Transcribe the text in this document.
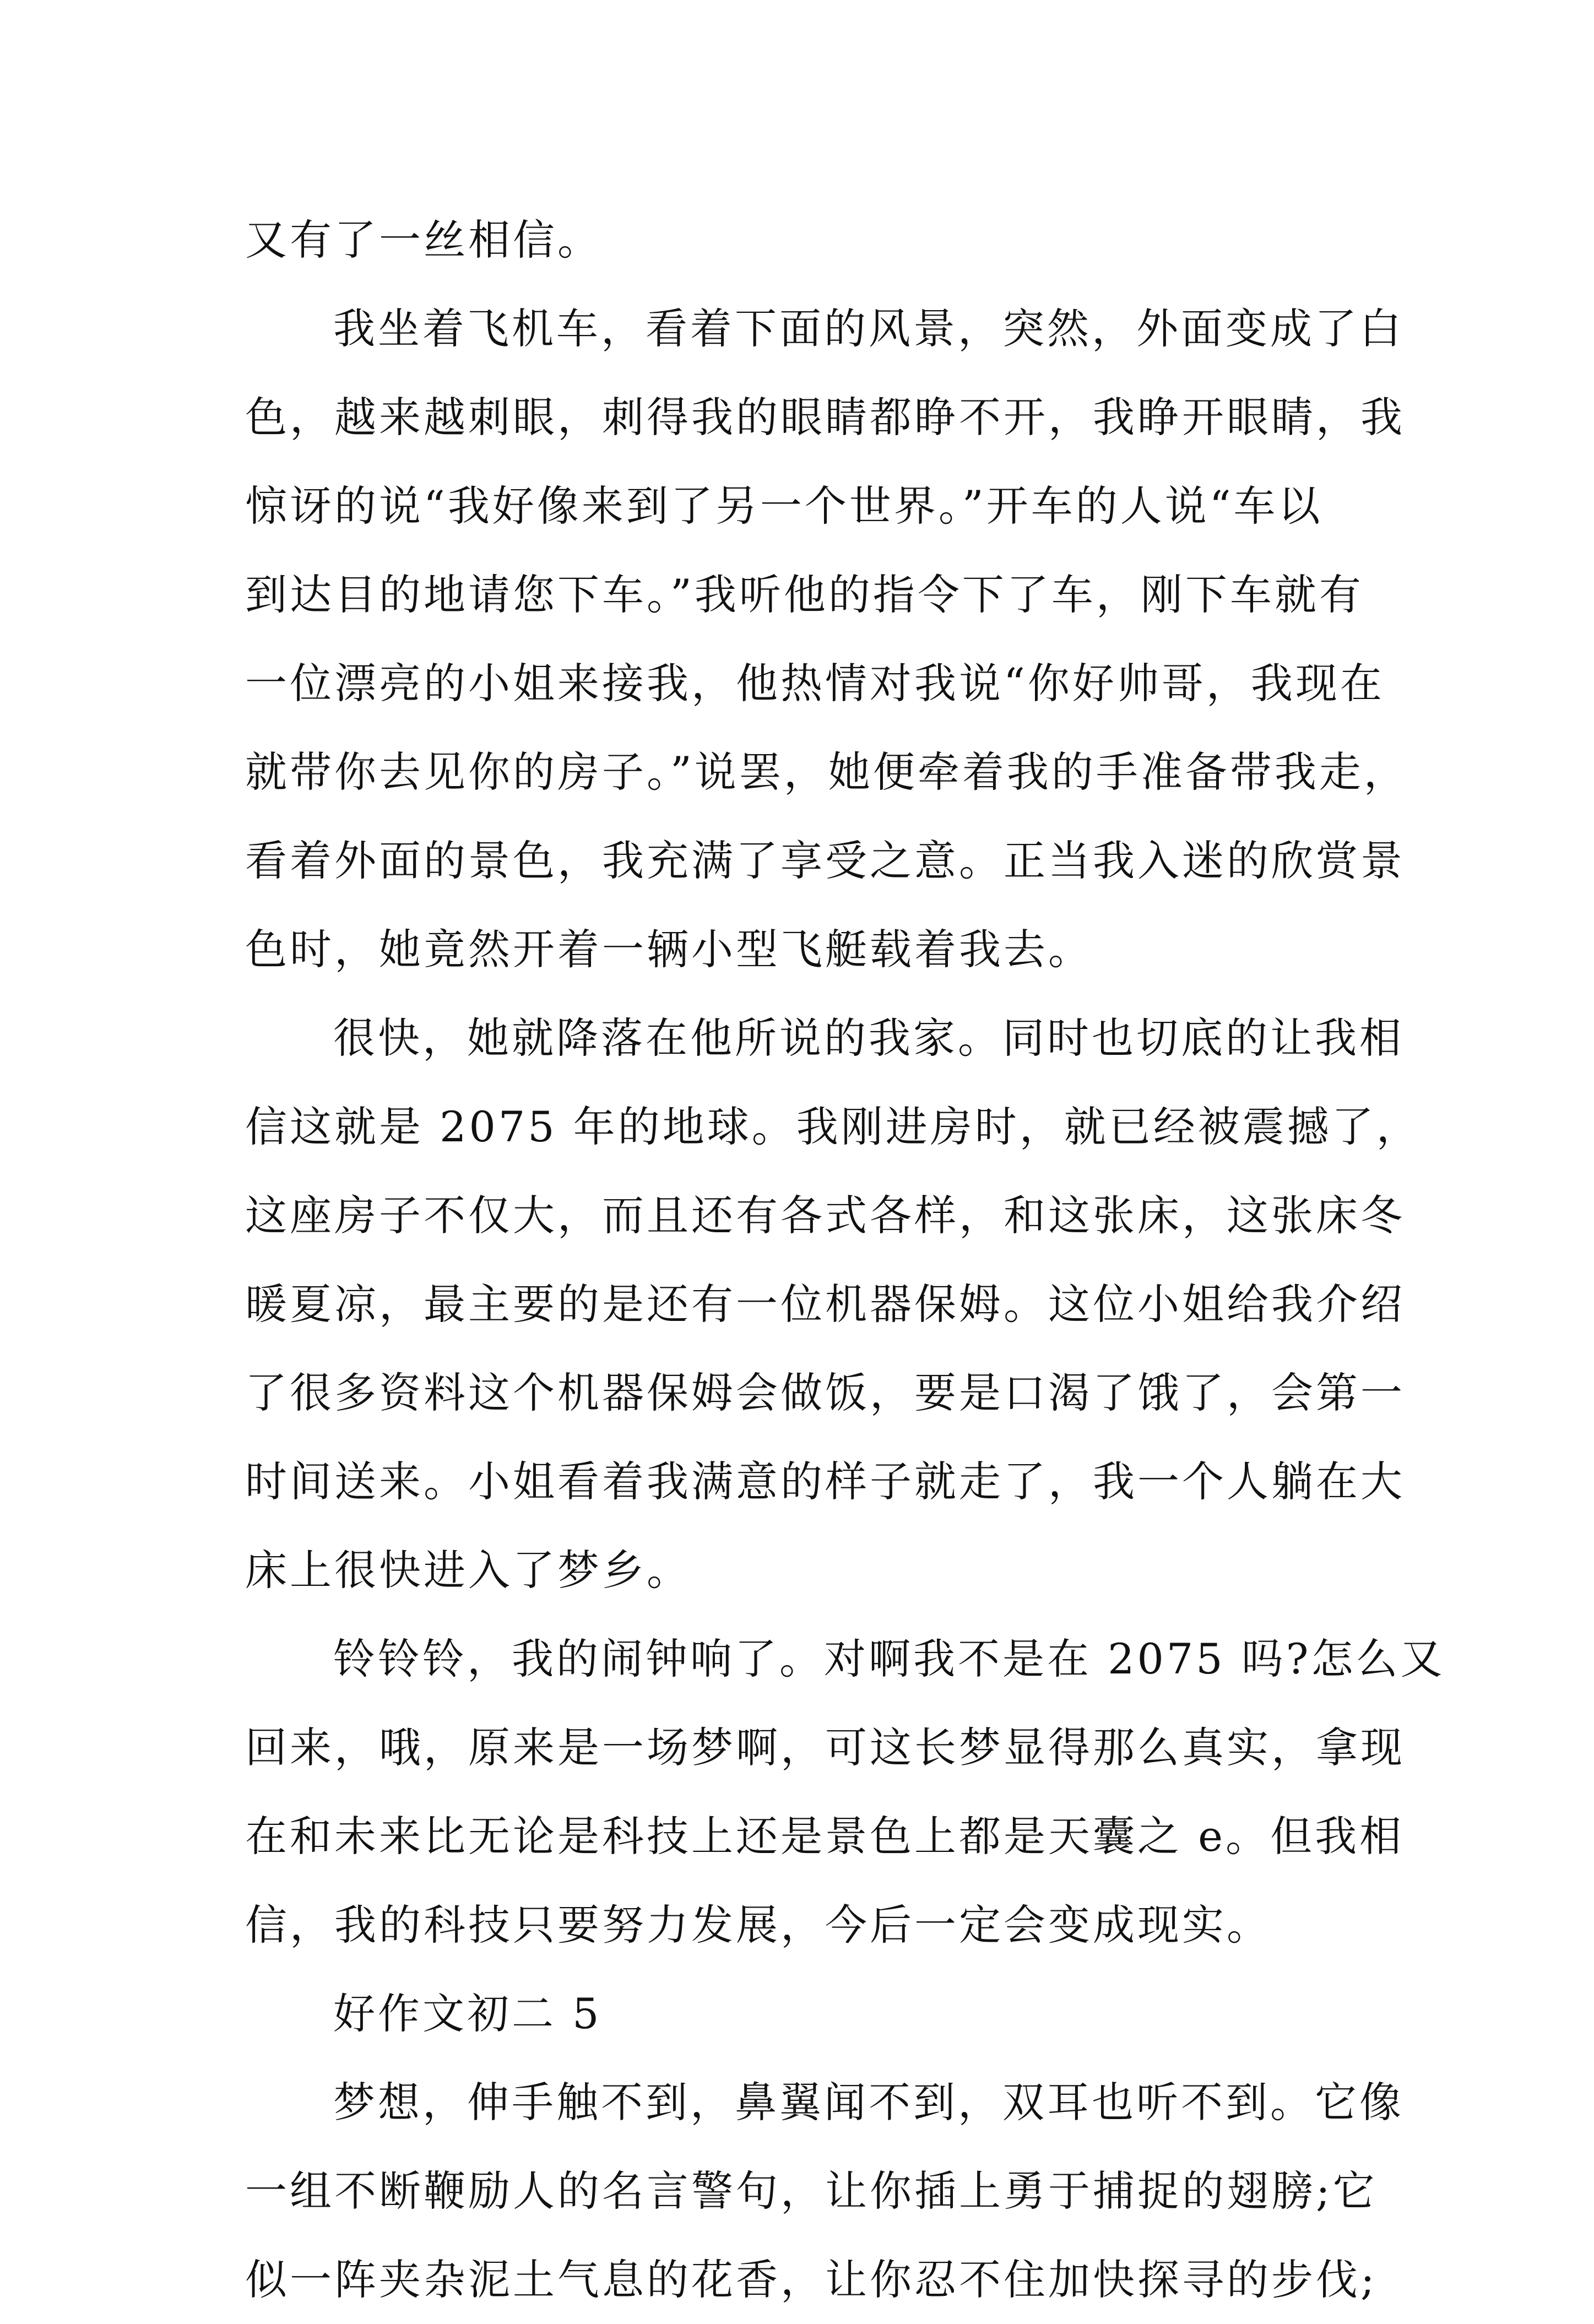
又有了一丝相信。
我坐着飞机车，看着下面的风景，突然，外面变成了白
色，越来越刺眼，刺得我的眼睛都睁不开，我睁开眼睛，我
惊讶的说“我好像来到了另一个世界。”开车的人说“车以
到达目的地请您下车。”我听他的指令下了车，刚下车就有
一位漂亮的小姐来接我，他热情对我说“你好帅哥，我现在
就带你去见你的房子。”说罢，她便牵着我的手准备带我走，
看着外面的景色，我充满了享受之意。正当我入迷的欣赏景
色时，她竟然开着一辆小型飞艇载着我去。
很快，她就降落在他所说的我家。同时也切底的让我相
信这就是 2075 年的地球。我刚进房时，就已经被震撼了，
这座房子不仅大，而且还有各式各样，和这张床，这张床冬
暖夏凉，最主要的是还有一位机器保姆。这位小姐给我介绍
了很多资料这个机器保姆会做饭，要是口渴了饿了，会第一
时间送来。小姐看着我满意的样子就走了，我一个人躺在大
床上很快进入了梦乡。
铃铃铃，我的闹钟响了。对啊我不是在 2075 吗?怎么又
回来，哦，原来是一场梦啊，可这长梦显得那么真实，拿现
在和未来比无论是科技上还是景色上都是天囊之 e。但我相
信，我的科技只要努力发展，今后一定会变成现实。
好作文初二 5
梦想，伸手触不到，鼻翼闻不到，双耳也听不到。它像
一组不断鞭励人的名言警句，让你插上勇于捕捉的翅膀;它
似一阵夹杂泥土气息的花香，让你忍不住加快探寻的步伐;
